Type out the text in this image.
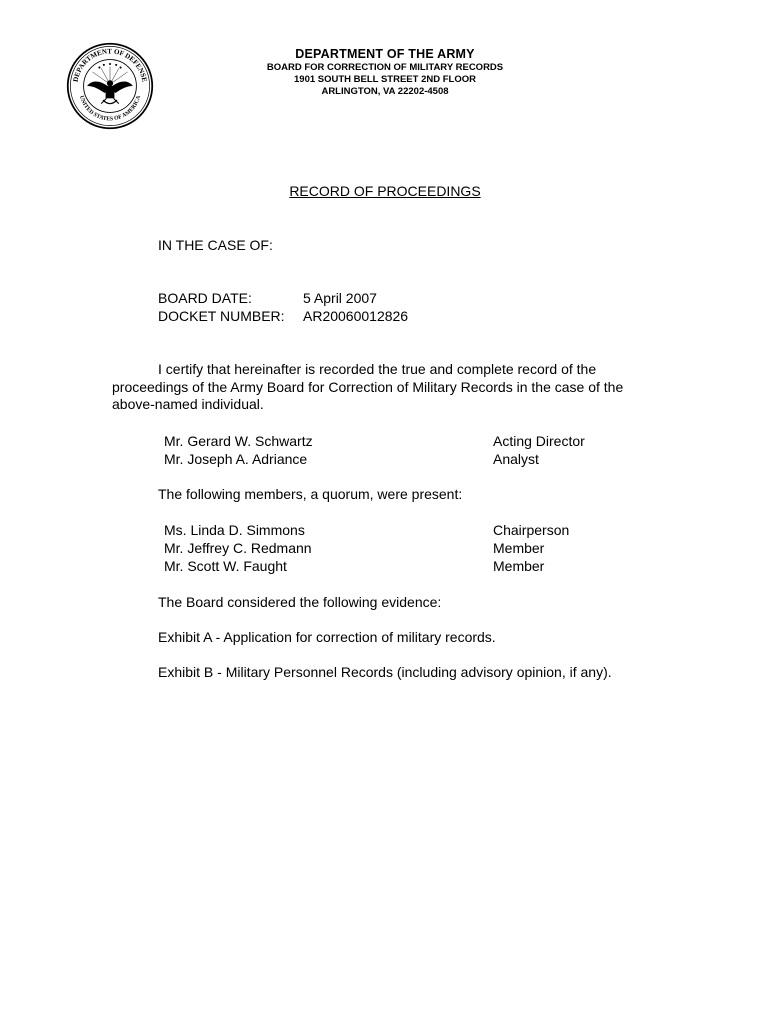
DEPARTMENT OF DEFENSE
UNITED STATES OF AMERICA
DEPARTMENT OF THE ARMY
BOARD FOR CORRECTION OF MILITARY RECORDS
1901 SOUTH BELL STREET 2ND FLOOR
ARLINGTON, VA 22202-4508
RECORD OF PROCEEDINGS
IN THE CASE OF:
BOARD DATE:	5 April 2007
DOCKET NUMBER: AR20060012826
I certify that hereinafter is recorded the true and complete record of the proceedings of the Army Board for Correction of Military Records in the case of the above-named individual.
Mr. Gerard W. Schwartz	Acting Director
Mr. Joseph A. Adriance	Analyst
The following members, a quorum, were present:
Ms. Linda D. Simmons	Chairperson
Mr. Jeffrey C. Redmann	Member
Mr. Scott W. Faught	Member
The Board considered the following evidence:
Exhibit A - Application for correction of military records.
Exhibit B - Military Personnel Records (including advisory opinion, if any).
